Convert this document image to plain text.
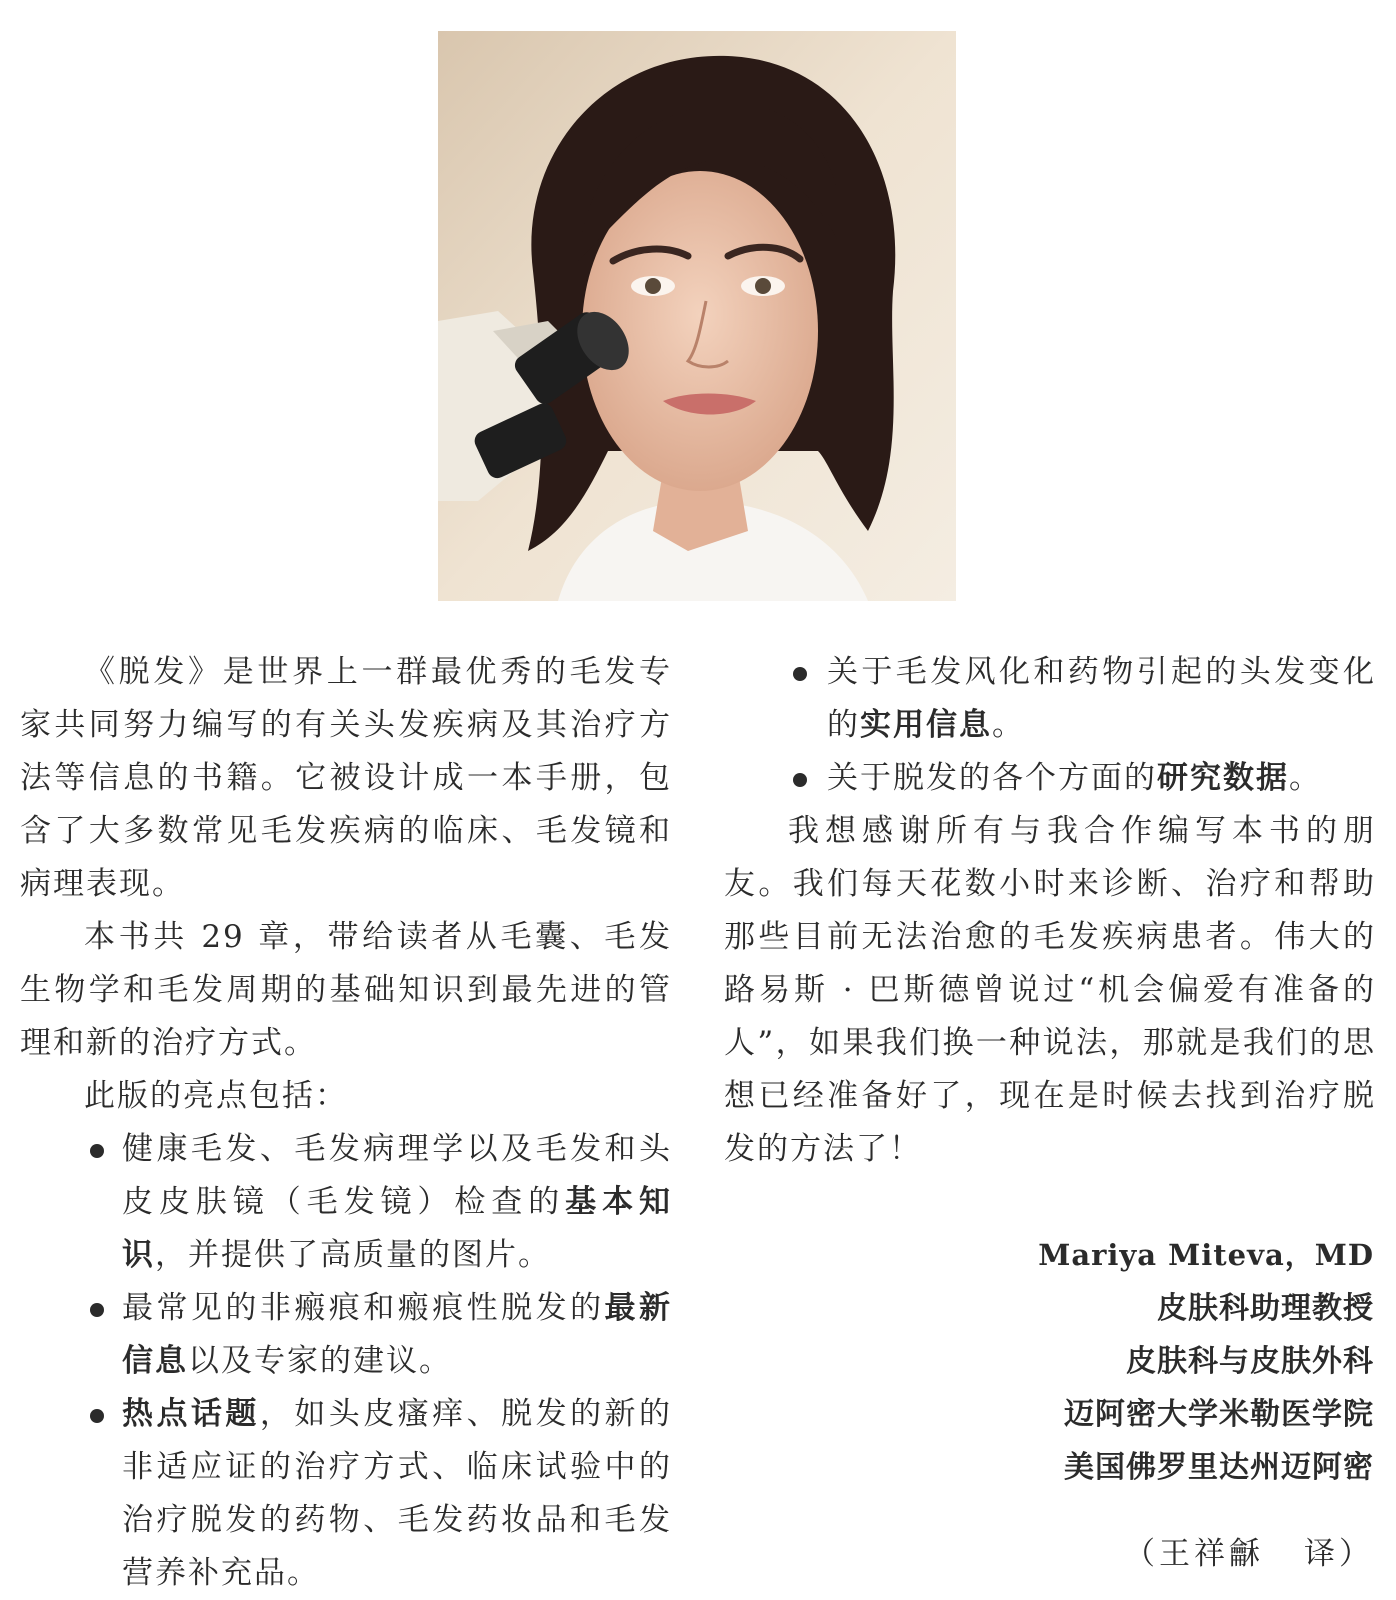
《脱发》是世界上一群最优秀的毛发专家共同努力编写的有关头发疾病及其治疗方法等信息的书籍。它被设计成一本手册，包含了大多数常见毛发疾病的临床、毛发镜和病理表现。

本书共 29 章，带给读者从毛囊、毛发生物学和毛发周期的基础知识到最先进的管理和新的治疗方式。

此版的亮点包括：

健康毛发、毛发病理学以及毛发和头皮皮肤镜（毛发镜）检查的基本知识，并提供了高质量的图片。
最常见的非瘢痕和瘢痕性脱发的最新信息以及专家的建议。
热点话题，如头皮瘙痒、脱发的新的非适应证的治疗方式、临床试验中的治疗脱发的药物、毛发药妆品和毛发营养补充品。
关于毛发风化和药物引起的头发变化的实用信息。
关于脱发的各个方面的研究数据。

我想感谢所有与我合作编写本书的朋友。我们每天花数小时来诊断、治疗和帮助那些目前无法治愈的毛发疾病患者。伟大的路易斯 · 巴斯德曾说过“机会偏爱有准备的人”，如果我们换一种说法，那就是我们的思想已经准备好了，现在是时候去找到治疗脱发的方法了！

Mariya Miteva，MD
皮肤科助理教授
皮肤科与皮肤外科
迈阿密大学米勒医学院
美国佛罗里达州迈阿密
（王祥龢 译）
